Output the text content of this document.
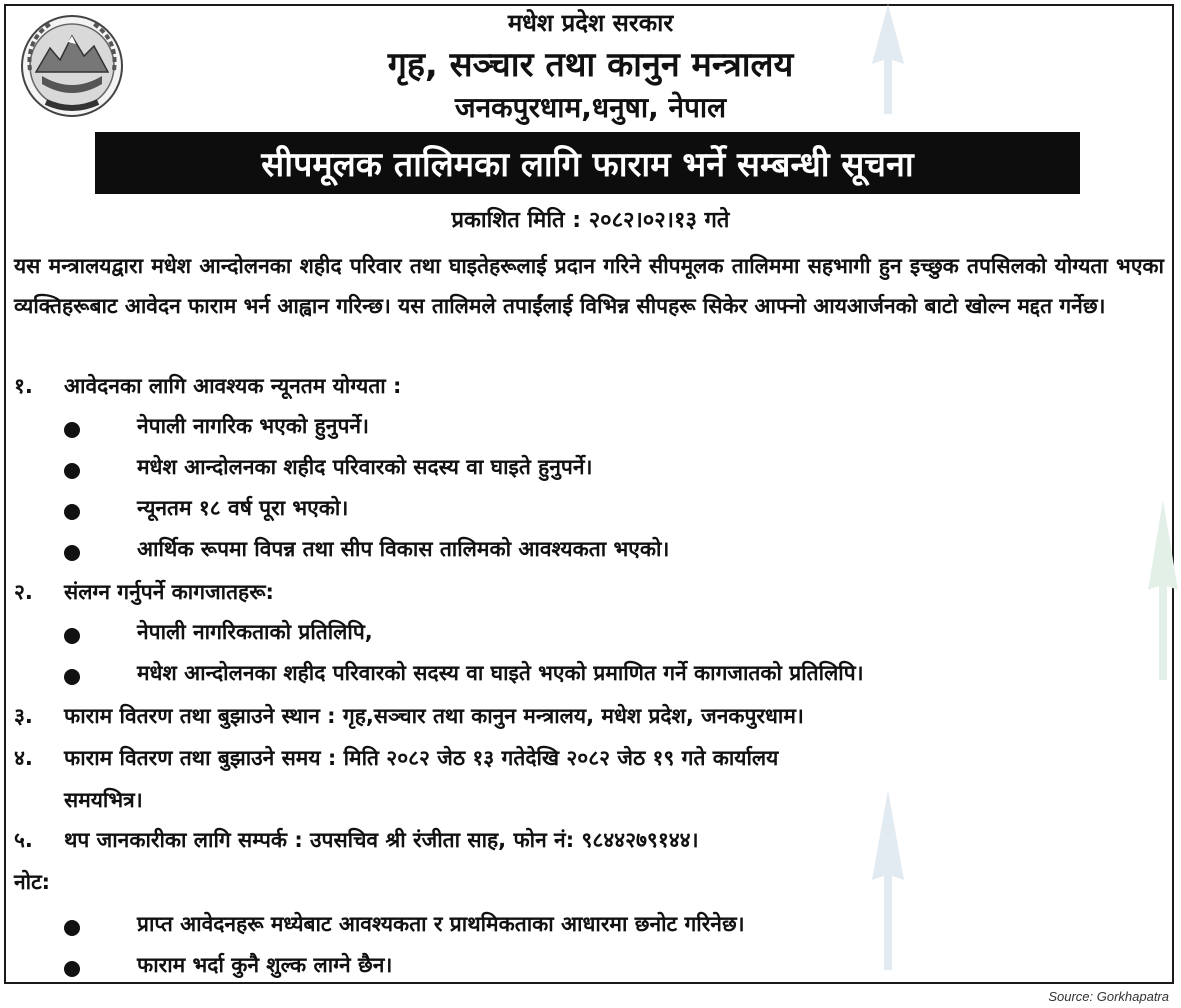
मधेश प्रदेश सरकार
गृह, सञ्चार तथा कानुन मन्त्रालय
जनकपुरधाम,धनुषा, नेपाल
सीपमूलक तालिमका लागि फाराम भर्ने सम्बन्धी सूचना
प्रकाशित मिति : २०८२।०२।१३ गते
यस मन्त्रालयद्वारा मधेश आन्दोलनका शहीद परिवार तथा घाइतेहरूलाई प्रदान गरिने सीपमूलक तालिममा सहभागी हुन इच्छुक तपसिलको योग्यता भएका व्यक्तिहरूबाट आवेदन फाराम भर्न आह्वान गरिन्छ। यस तालिमले तपाईंलाई विभिन्न सीपहरू सिकेर आफ्नो आयआर्जनको बाटो खोल्न मद्दत गर्नेछ।
१. आवेदनका लागि आवश्यक न्यूनतम योग्यता :
नेपाली नागरिक भएको हुनुपर्ने।
मधेश आन्दोलनका शहीद परिवारको सदस्य वा घाइते हुनुपर्ने।
न्यूनतम १८ वर्ष पूरा भएको।
आर्थिक रूपमा विपन्न तथा सीप विकास तालिमको आवश्यकता भएको।
२. संलग्न गर्नुपर्ने कागजातहरू:
नेपाली नागरिकताको प्रतिलिपि,
मधेश आन्दोलनका शहीद परिवारको सदस्य वा घाइते भएको प्रमाणित गर्ने कागजातको प्रतिलिपि।
३. फाराम वितरण तथा बुझाउने स्थान : गृह,सञ्चार तथा कानुन मन्त्रालय, मधेश प्रदेश, जनकपुरधाम।
४. फाराम वितरण तथा बुझाउने समय : मिति २०८२ जेठ १३ गतेदेखि २०८२ जेठ १९ गते कार्यालय
समयभित्र।
५. थप जानकारीका लागि सम्पर्क : उपसचिव श्री रंजीता साह, फोन नं: ९८४४२७९१४४।
नोट:
प्राप्त आवेदनहरू मध्येबाट आवश्यकता र प्राथमिकताका आधारमा छनोट गरिनेछ।
फाराम भर्दा कुनै शुल्क लाग्ने छैन।
Source: Gorkhapatra
